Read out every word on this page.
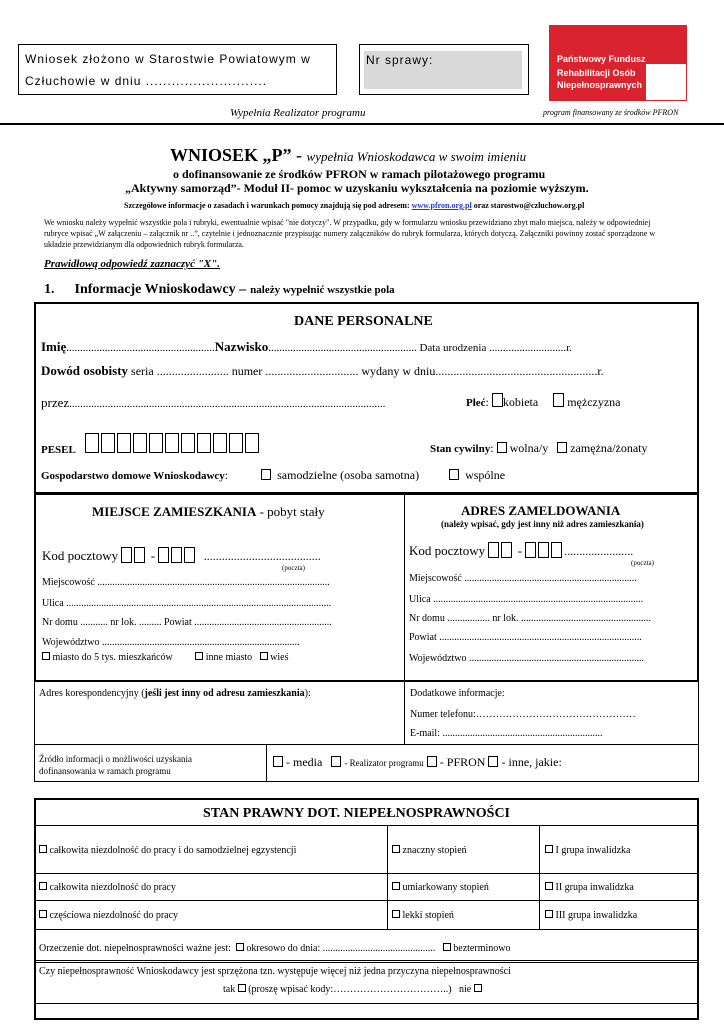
Wniosek złożono w Starostwie Powiatowym w
Człuchowie w dniu ............................
Nr sprawy:
Wypełnia Realizator programu
Państwowy Fundusz
Rehabilitacji Osób
Niepełnosprawnych
program finansowany ze środków PFRON
WNIOSEK „P” - wypełnia Wnioskodawca w swoim imieniu
o dofinansowanie ze środków PFRON w ramach pilotażowego programu
„Aktywny samorząd”- Moduł II- pomoc w uzyskaniu wykształcenia na poziomie wyższym.
Szczegółowe informacje o zasadach i warunkach pomocy znajdują się pod adresem: www.pfron.org.pl oraz starostwo@czluchow.org.pl
We wniosku należy wypełnić wszystkie pola i rubryki, ewentualnie wpisać "nie dotyczy". W przypadku, gdy w formularzu wniosku przewidziano zbyt mało miejsca, należy w odpowiedniej
rubryce wpisać „W załączeniu – załącznik nr ..”, czytelnie i jednoznacznie przypisując numery załączników do rubryk formularza, których dotyczą. Załączniki powinny zostać sporządzone w
układzie przewidzianym dla odpowiednich rubryk formularza.
Prawidłową odpowiedź zaznaczyć "X".
1. Informacje Wnioskodawcy – należy wypełnić wszystkie pola
DANE PERSONALNE
Imię......................................................Nazwisko...................................................... Data urodzenia ............................r.
Dowód osobisty seria ........................ numer ............................... wydany w dniu......................................................r.
przez...................................................................................................................	Płeć: kobieta mężczyzna
PESEL	Stan cywilny:  wolna/y zamężna/żonaty
Gospodarstwo domowe Wnioskodawcy:             samodzielne (osoba samotna)	wspólne
MIEJSCE ZAMIESZKANIA - pobyt stały
Kod pocztowy  -	.......................................
(poczta)
Miejscowość .............................................................................................
Ulica ..........................................................................................................
Nr domu ........... nr lok. ......... Powiat .......................................................
Województwo ...............................................................................
miasto do 5 tys. mieszkańców	inne miasto wieś
ADRES ZAMELDOWANIA
(należy wpisać, gdy jest inny niż adres zamieszkania)
Kod pocztowy  -	.......................
(poczta)
Miejscowość .....................................................................
Ulica ....................................................................................
Nr domu ................. nr lok. ....................................................
Powiat .................................................................................
Województwo ......................................................................
Adres korespondencyjny (jeśli jest inny od adresu zamieszkania):	Dodatkowe informacje:
Numer telefonu:…………………………………………
E-mail: ................................................................
Źródło informacji o możliwości uzyskania
dofinansowania w ramach programu
- media - Realizator programu - PFRON - inne, jakie:
STAN PRAWNY DOT. NIEPEŁNOSPRAWNOŚCI
całkowita niezdolność do pracy i do samodzielnej egzystencji	znaczny stopień	I grupa inwalidzka
całkowita niezdolność do pracy	umiarkowany stopień	II grupa inwalidzka
częściowa niezdolność do pracy	lekki stopień	III grupa inwalidzka
Orzeczenie dot. niepełnosprawności ważne jest: okresowo do dnia: ............................................. bezterminowo
Czy niepełnosprawność Wnioskodawcy jest sprzężona tzn. występuje więcej niż jedna przyczyna niepełnosprawności
tak (proszę wpisać kody:……………………………..) nie
